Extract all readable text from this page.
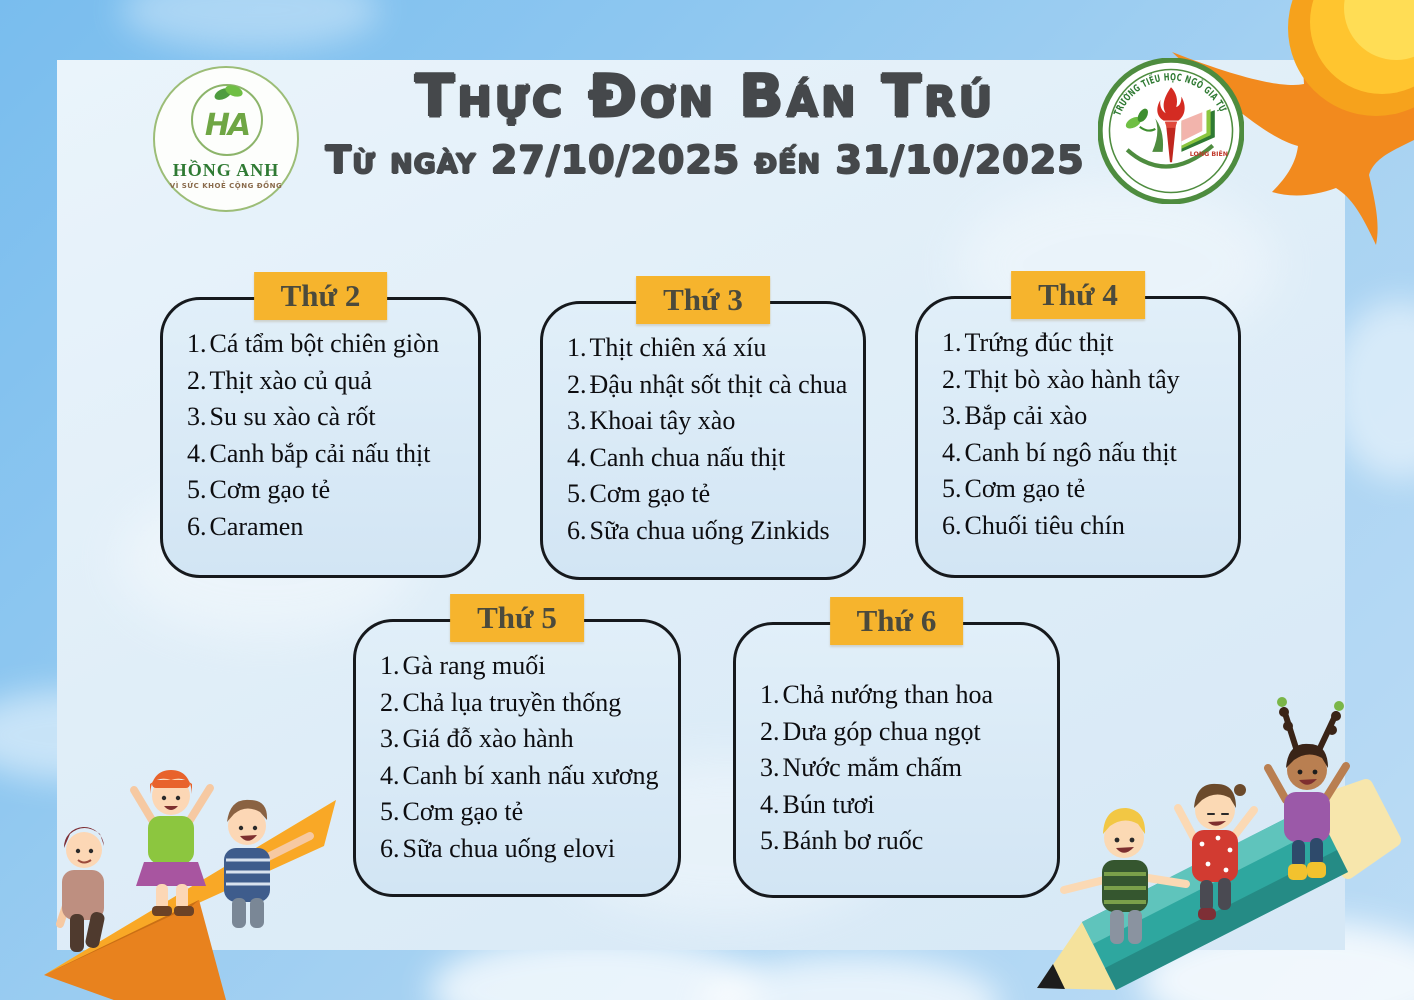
HA
HỒNG ANH
VÌ SỨC KHOẺ CỘNG ĐỒNG
Thực Đơn Bán Trú
Từ ngày 27/10/2025 đến 31/10/2025
TRƯỜNG TIỂU HỌC NGÔ GIA TỰ
LONG BIÊN
Thứ 2
1. Cá tẩm bột chiên giòn
2. Thịt xào củ quả
3. Su su xào cà rốt
4. Canh bắp cải nấu thịt
5. Cơm gạo tẻ
6. Caramen
Thứ 3
1. Thịt chiên xá xíu
2. Đậu nhật sốt thịt cà chua
3. Khoai tây xào
4. Canh chua nấu thịt
5. Cơm gạo tẻ
6. Sữa chua uống Zinkids
Thứ 4
1. Trứng đúc thịt
2. Thịt bò xào hành tây
3. Bắp cải xào
4. Canh bí ngô nấu thịt
5. Cơm gạo tẻ
6. Chuối tiêu chín
Thứ 5
1. Gà rang muối
2. Chả lụa truyền thống
3. Giá đỗ xào hành
4. Canh bí xanh nấu xương
5. Cơm gạo tẻ
6. Sữa chua uống elovi
Thứ 6
1. Chả nướng than hoa
2. Dưa góp chua ngọt
3. Nước mắm chấm
4. Bún tươi
5. Bánh bơ ruốc
